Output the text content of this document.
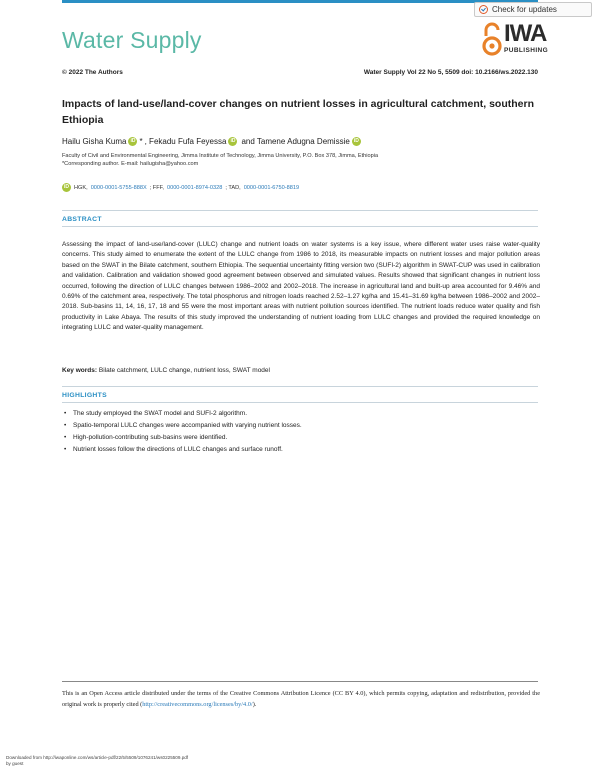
Check for updates
Water Supply	IWA
PUBLISHING
© 2022 The Authors	Water Supply Vol 22 No 5, 5509 doi: 10.2166/ws.2022.130
Impacts of land-use/land-cover changes on nutrient losses in agricultural catchment, southern Ethiopia
Hailu Gisha Kuma iD * , Fekadu Fufa Feyessa iD and Tamene Adugna Demissie iD
Faculty of Civil and Environmental Engineering, Jimma Institute of Technology, Jimma University, P.O. Box 378, Jimma, Ethiopia
*Corresponding author. E-mail: hailugisha@yahoo.com
iD HGK, 0000-0001-5755-888X ; FFF, 0000-0001-8974-0328 ; TAD, 0000-0001-6750-8819
ABSTRACT
Assessing the impact of land-use/land-cover (LULC) change and nutrient loads on water systems is a key issue, where different water uses raise water-quality concerns. This study aimed to enumerate the extent of the LULC change from 1986 to 2018, its measurable impacts on nutrient losses and major pollution areas based on the SWAT in the Bilate catchment, southern Ethiopia. The sequential uncertainty fitting version two (SUFI-2) algorithm in SWAT-CUP was used in calibration and validation. Calibration and validation showed good agreement between observed and simulated values. Results showed that significant changes in nutrient loss occurred, following the direction of LULC changes between 1986–2002 and 2002–2018. The increase in agricultural land and built-up area accounted for 9.46% and 0.69% of the catchment area, respectively. The total phosphorus and nitrogen loads reached 2.52–1.27 kg/ha and 15.41–31.69 kg/ha between 1986–2002 and 2002–2018. Sub-basins 11, 14, 16, 17, 18 and 55 were the most important areas with nutrient pollution sources identified. The nutrient loads reduce water quality and fish productivity in Lake Abaya. The results of this study improved the understanding of nutrient loading from LULC changes and provided the required knowledge on integrating LULC and water-quality management.
Key words: Bilate catchment, LULC change, nutrient loss, SWAT model
HIGHLIGHTS
• The study employed the SWAT model and SUFI-2 algorithm.
• Spatio-temporal LULC changes were accompanied with varying nutrient losses.
• High-pollution-contributing sub-basins were identified.
• Nutrient losses follow the directions of LULC changes and surface runoff.
This is an Open Access article distributed under the terms of the Creative Commons Attribution Licence (CC BY 4.0), which permits copying, adaptation and redistribution, provided the original work is properly cited (http://creativecommons.org/licenses/by/4.0/).
Downloaded from http://iwaponline.com/ws/article-pdf/22/5/5509/1076241/ws0225509.pdf
by guest
